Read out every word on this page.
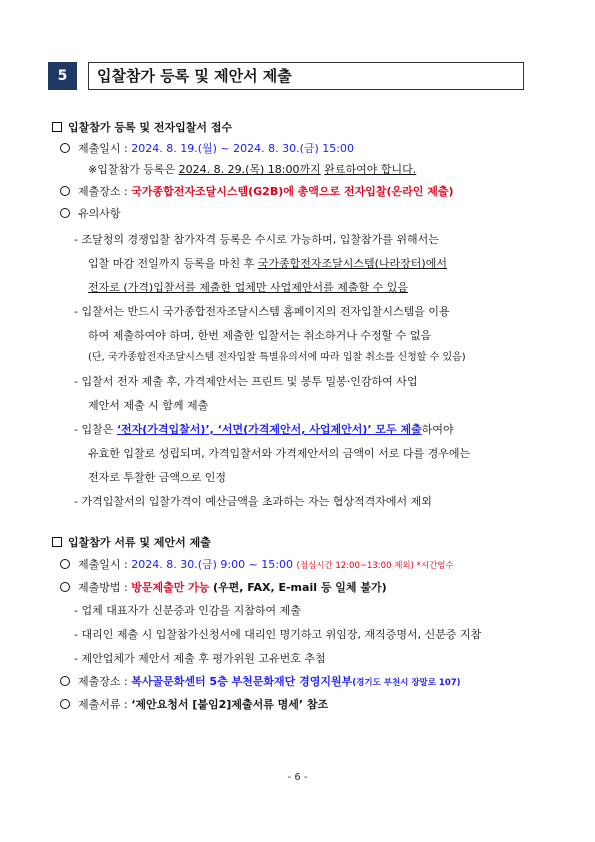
5	입찰참가 등록 및 제안서 제출
입찰참가 등록 및 전자입찰서 접수
제출일시 : 2024. 8. 19.(월) ~ 2024. 8. 30.(금) 15:00
※입찰참가 등록은 2024. 8. 29.(목) 18:00까지 완료하여야 합니다.
제출장소 : 국가종합전자조달시스템(G2B)에 총액으로 전자입찰(온라인 제출)
유의사항
- 조달청의 경쟁입찰 참가자격 등록은 수시로 가능하며, 입찰참가를 위해서는
입찰 마감 전일까지 등록을 마친 후 국가종합전자조달시스템(나라장터)에서
전자로 (가격)입찰서를 제출한 업체만 사업제안서를 제출할 수 있음
- 입찰서는 반드시 국가종합전자조달시스템 홈페이지의 전자입찰시스템을 이용
하여 제출하여야 하며, 한번 제출한 입찰서는 취소하거나 수정할 수 없음
(단, 국가종합전자조달시스템 전자입찰 특별유의서에 따라 입찰 취소를 신청할 수 있음)
- 입찰서 전자 제출 후, 가격제안서는 프린트 및 봉투 밀봉·인감하여 사업
제안서 제출 시 함께 제출
- 입찰은 ‘전자(가격입찰서)’, ‘서면(가격제안서, 사업제안서)’ 모두 제출하여야
유효한 입찰로 성립되며, 가격입찰서와 가격제안서의 금액이 서로 다를 경우에는
전자로 투찰한 금액으로 인정
- 가격입찰서의 입찰가격이 예산금액을 초과하는 자는 협상적격자에서 제외
입찰참가 서류 및 제안서 제출
제출일시 : 2024. 8. 30.(금) 9:00 ~ 15:00 (점심시간 12:00~13:00 제외) *시간엄수
제출방법 : 방문제출만 가능 (우편, FAX, E-mail 등 일체 불가)
- 업체 대표자가 신분증과 인감을 지참하여 제출
- 대리인 제출 시 입찰참가신청서에 대리인 명기하고 위임장, 재직증명서, 신분증 지참
- 제안업체가 제안서 제출 후 평가위원 고유번호 추첨
제출장소 : 복사골문화센터 5층 부천문화재단 경영지원부(경기도 부천시 장말로 107)
제출서류 : ‘제안요청서 [붙임2]제출서류 명세’ 참조
- 6 -
